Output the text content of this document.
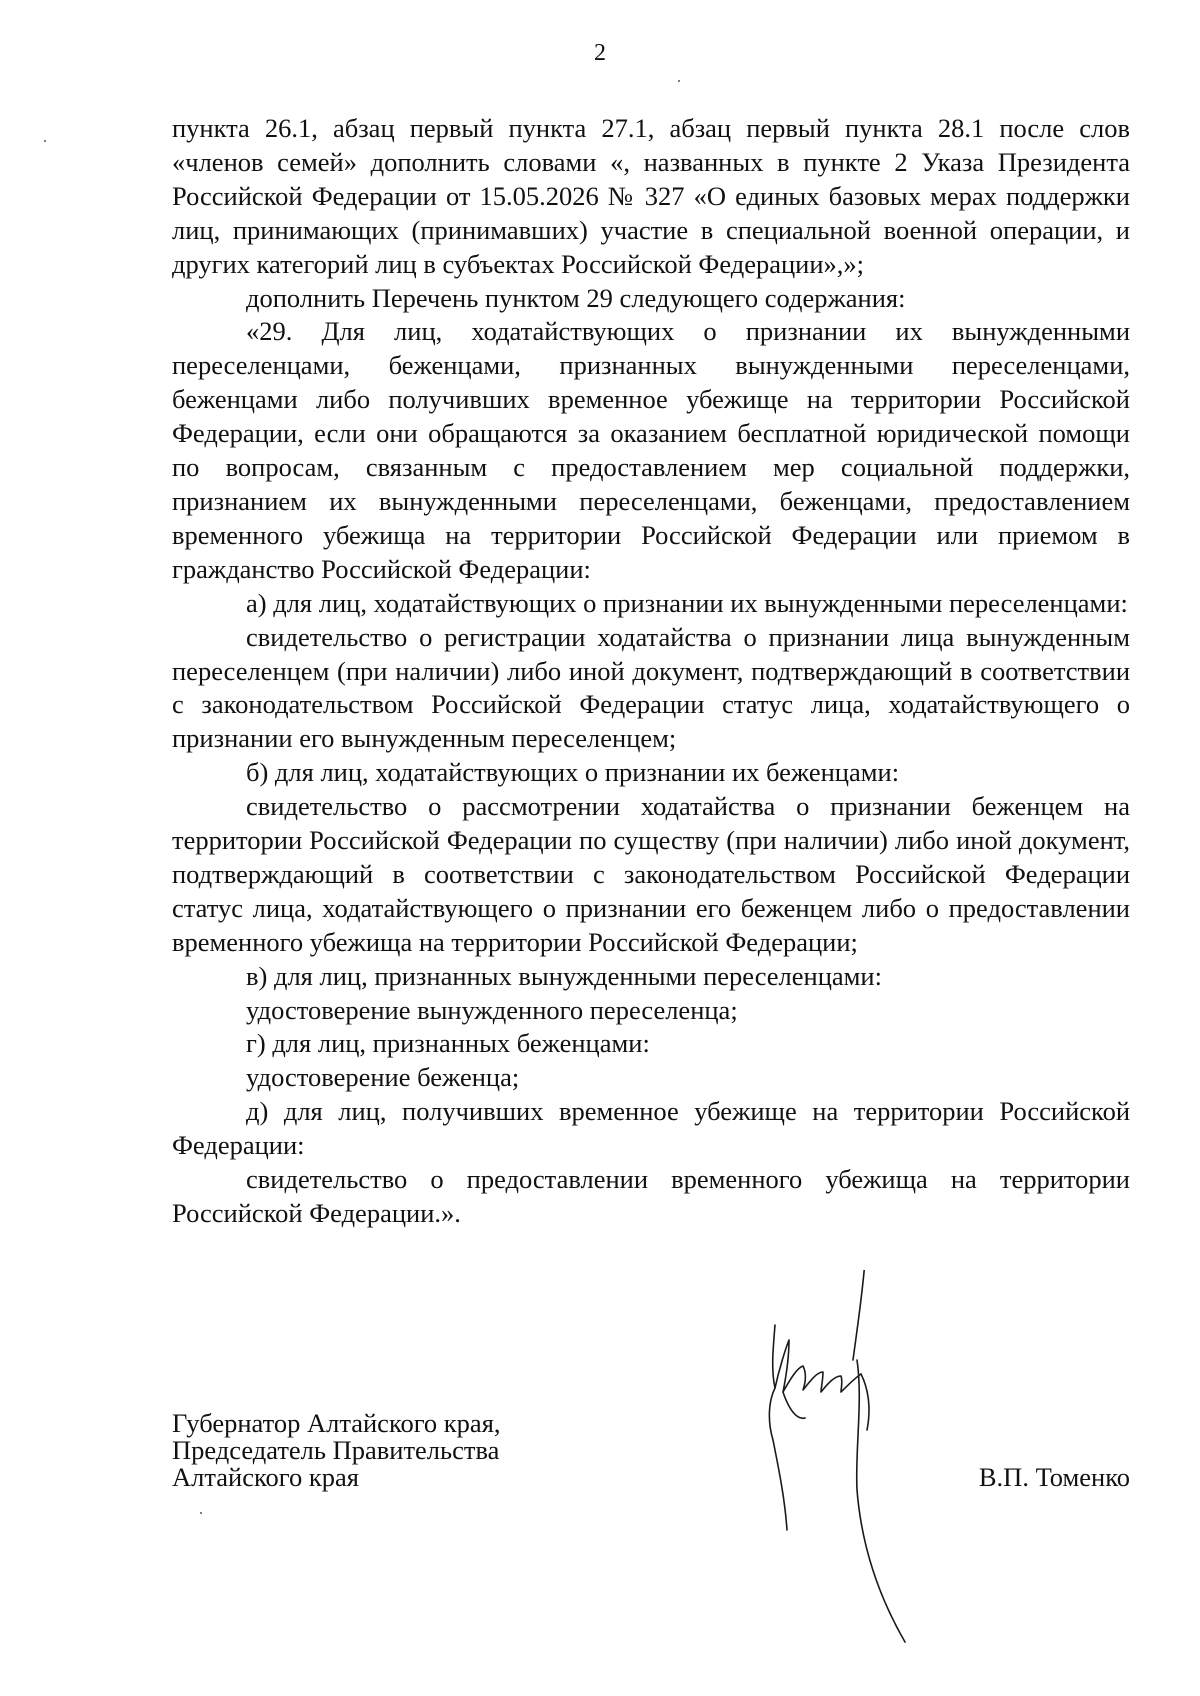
2

пункта 26.1, абзац первый пункта 27.1, абзац первый пункта 28.1 после слов «членов семей» дополнить словами «, названных в пункте 2 Указа Президента Российской Федерации от 15.05.2026 № 327 «О единых базовых мерах поддержки лиц, принимающих (принимавших) участие в специальной военной операции, и других категорий лиц в субъектах Российской Федерации»,»;

дополнить Перечень пунктом 29 следующего содержания:

«29. Для лиц, ходатайствующих о признании их вынужденными переселенцами, беженцами, признанных вынужденными переселенцами, беженцами либо получивших временное убежище на территории Российской Федерации, если они обращаются за оказанием бесплатной юридической помощи по вопросам, связанным с предоставлением мер социальной поддержки, признанием их вынужденными переселенцами, беженцами, предоставлением временного убежища на территории Российской Федерации или приемом в гражданство Российской Федерации:

а) для лиц, ходатайствующих о признании их вынужденными переселенцами:

свидетельство о регистрации ходатайства о признании лица вынужденным переселенцем (при наличии) либо иной документ, подтверждающий в соответствии с законодательством Российской Федерации статус лица, ходатайствующего о признании его вынужденным переселенцем;

б) для лиц, ходатайствующих о признании их беженцами:

свидетельство о рассмотрении ходатайства о признании беженцем на территории Российской Федерации по существу (при наличии) либо иной документ, подтверждающий в соответствии с законодательством Российской Федерации статус лица, ходатайствующего о признании его беженцем либо о предоставлении временного убежища на территории Российской Федерации;

в) для лиц, признанных вынужденными переселенцами:

удостоверение вынужденного переселенца;

г) для лиц, признанных беженцами:

удостоверение беженца;

д) для лиц, получивших временное убежище на территории Российской Федерации:

свидетельство о предоставлении временного убежища на территории Российской Федерации.».

Губернатор Алтайского края,
Председатель Правительства
Алтайского края	В.П. Томенко
